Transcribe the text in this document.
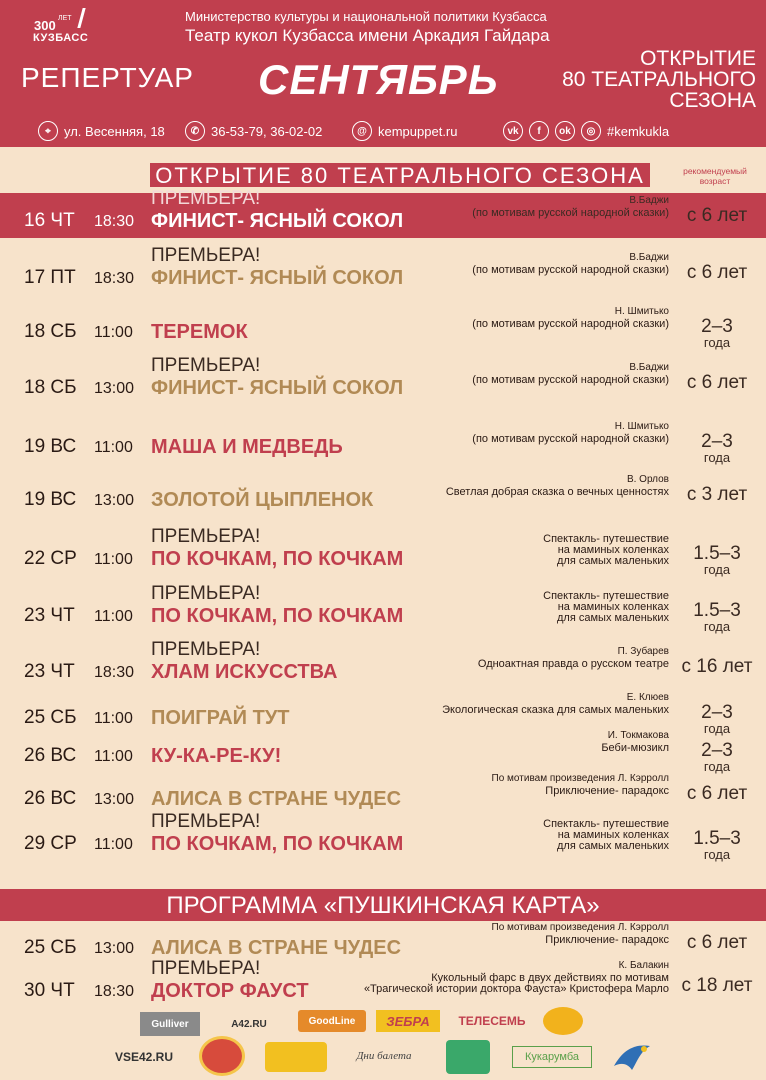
300 ЛЕТ
КУЗБАСС
Министерство культуры и национальной политики Кузбасса
Театр кукол Кузбасса имени Аркадия Гайдара
РЕПЕРТУАР СЕНТЯБРЬ	ОТКРЫТИЕ
80 ТЕАТРАЛЬНОГО
СЕЗОНА
⌖	ул. Весенняя, 18	✆ 36-53-79, 36-02-02	@ kempuppet.ru	vk	f	ok	◎ #kemkukla
ОТКРЫТИЕ 80 ТЕАТРАЛЬНОГО СЕЗОНА	рекомендуемый
возраст
16 ЧТ 18:30
ПРЕМЬЕРА!
ФИНИСТ- ЯСНЫЙ СОКОЛ
В.Баджи
(по мотивам русской народной сказки) с 6 лет
17 ПТ 18:30
ПРЕМЬЕРА!
ФИНИСТ- ЯСНЫЙ СОКОЛ
В.Баджи
(по мотивам русской народной сказки) с 6 лет
18 СБ 11:00 ТЕРЕМОК
Н. Шмитько
(по мотивам русской народной сказки)	2–3
года
18 СБ 13:00
ПРЕМЬЕРА!
ФИНИСТ- ЯСНЫЙ СОКОЛ
В.Баджи
(по мотивам русской народной сказки) с 6 лет
19 ВС 11:00 МАША И МЕДВЕДЬ
Н. Шмитько
(по мотивам русской народной сказки)	2–3
года
19 ВС 13:00 ЗОЛОТОЙ ЦЫПЛЕНОК
В. Орлов
Светлая добрая сказка о вечных ценностях с 3 лет
22 СР 11:00
ПРЕМЬЕРА!
ПО КОЧКАМ, ПО КОЧКАМ
Спектакль- путешествие
на маминых коленках
для самых маленьких	1.5–3
года
23 ЧТ 11:00
ПРЕМЬЕРА!
ПО КОЧКАМ, ПО КОЧКАМ
Спектакль- путешествие
на маминых коленках
для самых маленьких	1.5–3
года
23 ЧТ 18:30
ПРЕМЬЕРА!
ХЛАМ ИСКУССТВА
П. Зубарев
Одноактная правда о русском театре с 16 лет
25 СБ 11:00 ПОИГРАЙ ТУТ
Е. Клюев
Экологическая сказка для самых маленьких	2–3
года
26 ВС 11:00 КУ-КА-РЕ-КУ!
И. Токмакова
Беби-мюзикл	2–3
года
26 ВС 13:00 АЛИСА В СТРАНЕ ЧУДЕС
По мотивам произведения Л. Кэрролл
Приключение- парадокс с 6 лет
29 СР 11:00
ПРЕМЬЕРА!
ПО КОЧКАМ, ПО КОЧКАМ
Спектакль- путешествие
на маминых коленках
для самых маленьких	1.5–3
года
25 СБ 13:00 АЛИСА В СТРАНЕ ЧУДЕС
По мотивам произведения Л. Кэрролл
Приключение- парадокс с 6 лет
30 ЧТ 18:30
ПРЕМЬЕРА!
ДОКТОР ФАУСТ
К. Балакин
Кукольный фарс в двух действиях по мотивам
«Трагической истории доктора Фауста» Кристофера Марло с 18 лет
ПРОГРАММА «ПУШКИНСКАЯ КАРТА»
Gulliver	A42.RU	GoodLine	ЗЕБРА	ТЕЛЕСЕМЬ
VSE42.RU	Дни балета	Кукарумба
